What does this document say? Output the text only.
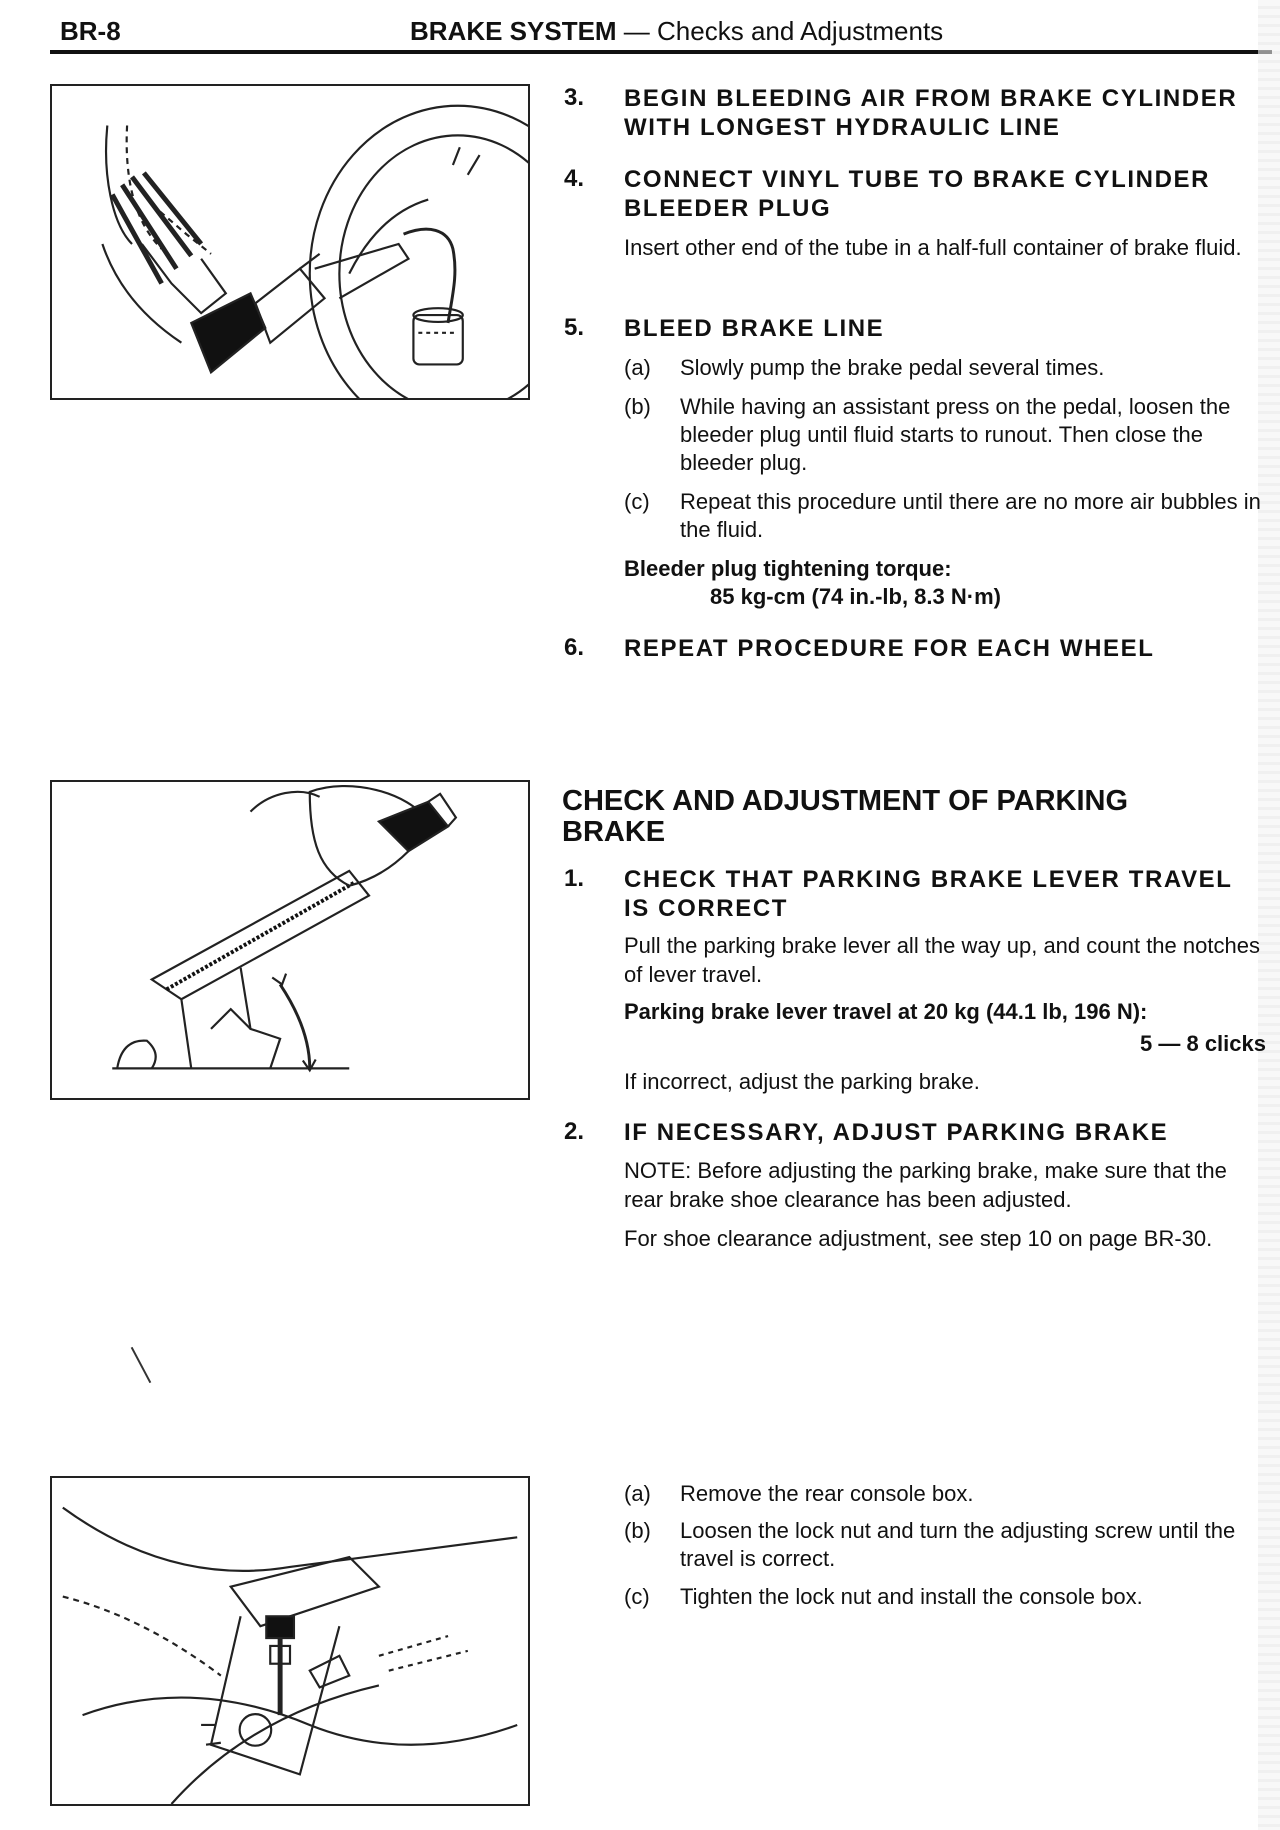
BR-8	BRAKE SYSTEM — Checks and Adjustments
3. BEGIN BLEEDING AIR FROM BRAKE CYLINDER WITH LONGEST HYDRAULIC LINE
4. CONNECT VINYL TUBE TO BRAKE CYLINDER BLEEDER PLUG
Insert other end of the tube in a half-full container of brake fluid.
5. BLEED BRAKE LINE
(a)	Slowly pump the brake pedal several times.
(b)	While having an assistant press on the pedal, loosen the bleeder plug until fluid starts to runout. Then close the bleeder plug.
(c)	Repeat this procedure until there are no more air bubbles in the fluid.
Bleeder plug tightening torque:
85 kg-cm (74 in.-lb, 8.3 N·m)
6. REPEAT PROCEDURE FOR EACH WHEEL
CHECK AND ADJUSTMENT OF PARKING BRAKE
1. CHECK THAT PARKING BRAKE LEVER TRAVEL IS CORRECT
Pull the parking brake lever all the way up, and count the notches of lever travel.
Parking brake lever travel at 20 kg (44.1 lb, 196 N):
5 — 8 clicks
If incorrect, adjust the parking brake.
2. IF NECESSARY, ADJUST PARKING BRAKE
NOTE: Before adjusting the parking brake, make sure that the rear brake shoe clearance has been adjusted.
For shoe clearance adjustment, see step 10 on page BR-30.
(a)	Remove the rear console box.
(b)	Loosen the lock nut and turn the adjusting screw until the travel is correct.
(c)	Tighten the lock nut and install the console box.
